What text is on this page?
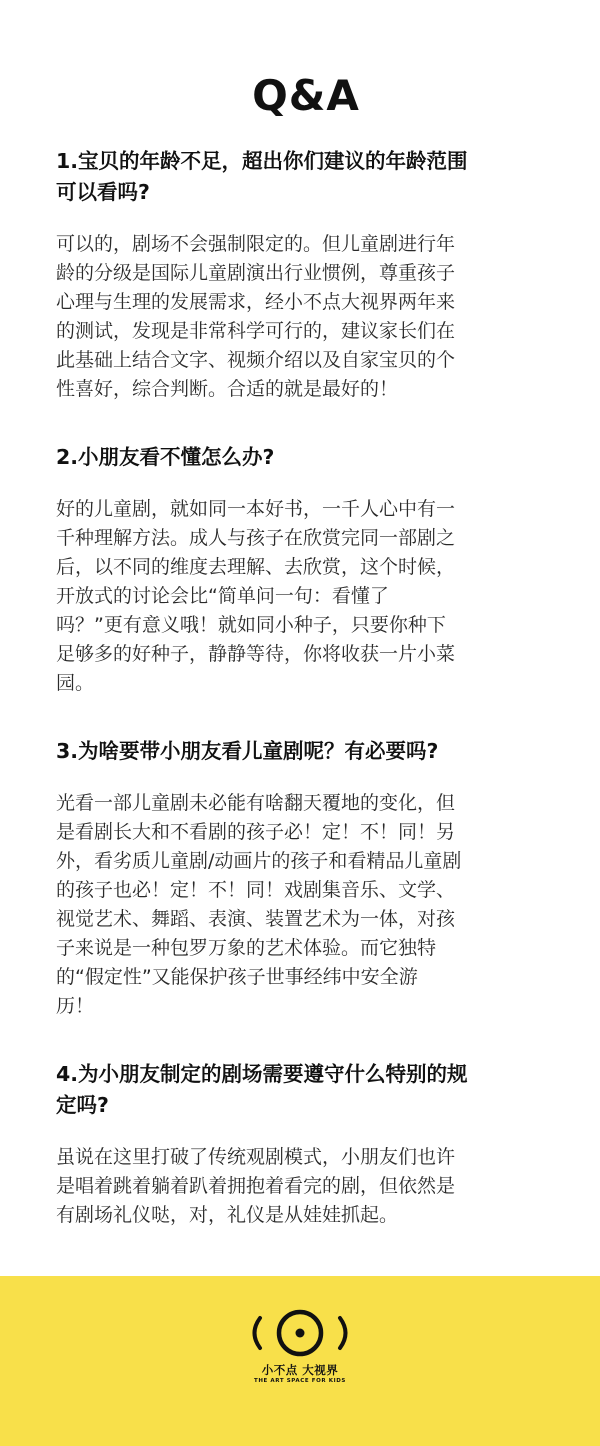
Q&A
1.宝贝的年龄不足，超出你们建议的年龄范围
可以看吗?
可以的，剧场不会强制限定的。但儿童剧进行年
龄的分级是国际儿童剧演出行业惯例，尊重孩子
心理与生理的发展需求，经小不点大视界两年来
的测试，发现是非常科学可行的，建议家长们在
此基础上结合文字、视频介绍以及自家宝贝的个
性喜好，综合判断。合适的就是最好的！
2.小朋友看不懂怎么办?
好的儿童剧，就如同一本好书，一千人心中有一
千种理解方法。成人与孩子在欣赏完同一部剧之
后，以不同的维度去理解、去欣赏，这个时候，
开放式的讨论会比“简单问一句：看懂了
吗？”更有意义哦！就如同小种子，只要你种下
足够多的好种子，静静等待，你将收获一片小菜
园。
3.为啥要带小朋友看儿童剧呢？有必要吗?
光看一部儿童剧未必能有啥翻天覆地的变化，但
是看剧长大和不看剧的孩子必！定！不！同！另
外，看劣质儿童剧/动画片的孩子和看精品儿童剧
的孩子也必！定！不！同！戏剧集音乐、文学、
视觉艺术、舞蹈、表演、装置艺术为一体，对孩
子来说是一种包罗万象的艺术体验。而它独特
的“假定性”又能保护孩子世事经纬中安全游
历！
4.为小朋友制定的剧场需要遵守什么特别的规
定吗?
虽说在这里打破了传统观剧模式，小朋友们也许
是唱着跳着躺着趴着拥抱着看完的剧，但依然是
有剧场礼仪哒，对，礼仪是从娃娃抓起。
小不点 大视界
THE ART SPACE FOR KIDS
